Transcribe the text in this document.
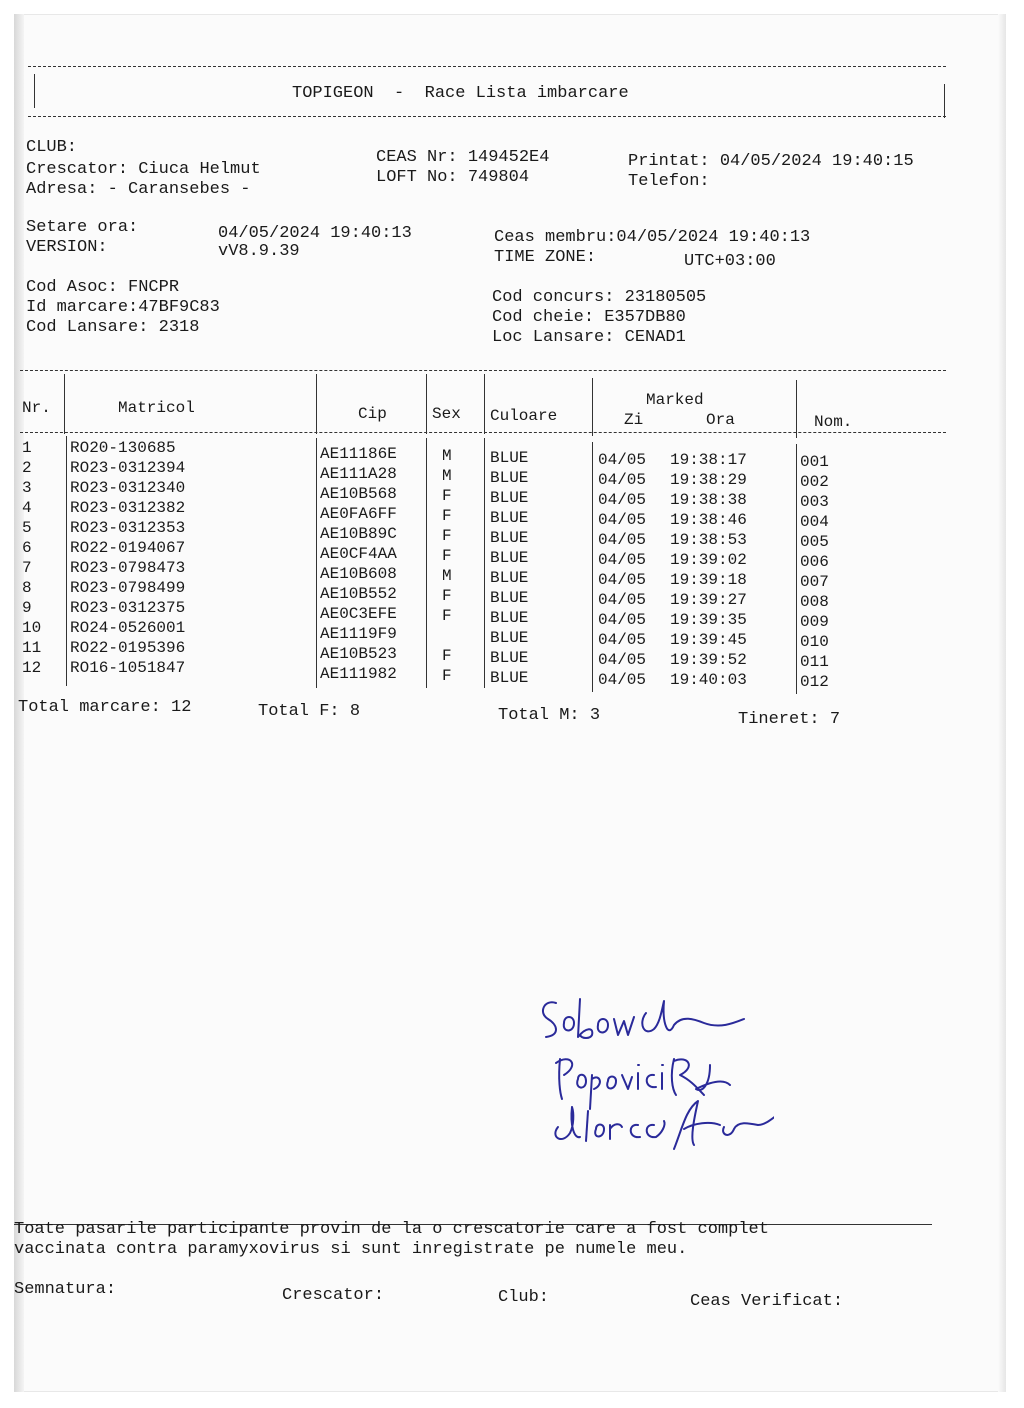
TOPIGEON - Race Lista imbarcare
CLUB:
Crescator: Ciuca Helmut
Adresa: - Caransebes -
CEAS Nr: 149452E4
LOFT No: 749804
Printat: 04/05/2024 19:40:15
Telefon:
Setare ora:	04/05/2024 19:40:13
VERSION:	vV8.9.39
Ceas membru:04/05/2024 19:40:13
TIME ZONE:	UTC+03:00
Cod Asoc: FNCPR
Id marcare:47BF9C83
Cod Lansare: 2318
Cod concurs: 23180505
Cod cheie: E357DB80
Loc Lansare: CENAD1
Nr.	Matricol	Cip	Sex Culoare
Marked
Zi	Ora	Nom.
1 RO20-130685	AE11186E	M BLUE	04/05 19:38:17	001
2 RO23-0312394	AE111A28	M BLUE	04/05 19:38:29	002
3 RO23-0312340	AE10B568	F BLUE	04/05 19:38:38	003
4 RO23-0312382	AE0FA6FF	F BLUE	04/05 19:38:46	004
5 RO23-0312353	AE10B89C	F BLUE	04/05 19:38:53	005
6 RO22-0194067	AE0CF4AA	F BLUE	04/05 19:39:02	006
7 RO23-0798473	AE10B608	M BLUE	04/05 19:39:18	007
8 RO23-0798499	AE10B552	F BLUE	04/05 19:39:27	008
9 RO23-0312375	AE0C3EFE	F BLUE	04/05 19:39:35	009
10 RO24-0526001	AE1119F9	BLUE	04/05 19:39:45	010
11 RO22-0195396	AE10B523	F BLUE	04/05 19:39:52	011
12 RO16-1051847	AE111982	F BLUE	04/05 19:40:03	012
Total marcare: 12	Total F: 8	Total M: 3	Tineret: 7
Toate pasarile participante provin de la o crescatorie care a fost complet
vaccinata contra paramyxovirus si sunt inregistrate pe numele meu.
Semnatura:	Crescator:	Club:	Ceas Verificat:
